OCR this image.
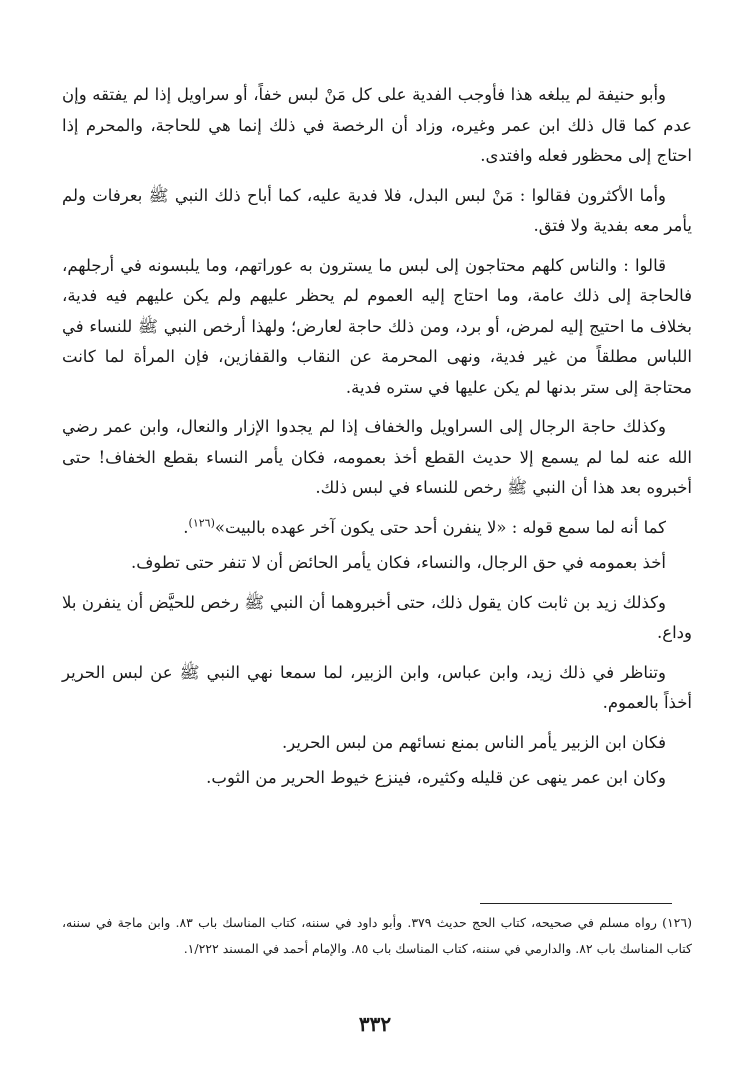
وأبو حنيفة لم يبلغه هذا فأوجب الفدية على كل مَنْ لبس خفاً، أو سراويل إذا لم يفتقه وإن عدم كما قال ذلك ابن عمر وغيره، وزاد أن الرخصة في ذلك إنما هي للحاجة، والمحرم إذا احتاج إلى محظور فعله وافتدى.

وأما الأكثرون فقالوا : مَنْ لبس البدل، فلا فدية عليه، كما أباح ذلك النبي ﷺ بعرفات ولم يأمر معه بفدية ولا فتق.

قالوا : والناس كلهم محتاجون إلى لبس ما يسترون به عوراتهم، وما يلبسونه في أرجلهم، فالحاجة إلى ذلك عامة، وما احتاج إليه العموم لم يحظر عليهم ولم يكن عليهم فيه فدية، بخلاف ما احتيج إليه لمرض، أو برد، ومن ذلك حاجة لعارض؛ ولهذا أرخص النبي ﷺ للنساء في اللباس مطلقاً من غير فدية، ونهى المحرمة عن النقاب والقفازين، فإن المرأة لما كانت محتاجة إلى ستر بدنها لم يكن عليها في ستره فدية.

وكذلك حاجة الرجال إلى السراويل والخفاف إذا لم يجدوا الإزار والنعال، وابن عمر رضي الله عنه لما لم يسمع إلا حديث القطع أخذ بعمومه، فكان يأمر النساء بقطع الخفاف! حتى أخبروه بعد هذا أن النبي ﷺ رخص للنساء في لبس ذلك.

كما أنه لما سمع قوله : «لا ينفرن أحد حتى يكون آخر عهده بالبيت»$^{(١٢٦)}$.

أخذ بعمومه في حق الرجال، والنساء، فكان يأمر الحائض أن لا تنفر حتى تطوف.

وكذلك زيد بن ثابت كان يقول ذلك، حتى أخبروهما أن النبي ﷺ رخص للحيَّض أن ينفرن بلا وداع.

وتناظر في ذلك زيد، وابن عباس، وابن الزبير، لما سمعا نهي النبي ﷺ عن لبس الحرير أخذاً بالعموم.

فكان ابن الزبير يأمر الناس بمنع نسائهم من لبس الحرير.

وكان ابن عمر ينهى عن قليله وكثيره، فينزع خيوط الحرير من الثوب.

(١٢٦) رواه مسلم في صحيحه، كتاب الحج حديث ٣٧٩. وأبو داود في سننه، كتاب المناسك باب ٨٣. وابن ماجة في سننه، كتاب المناسك باب ٨٢. والدارمي في سننه، كتاب المناسك باب ٨٥. والإمام أحمد في المسند ١/٢٢٢.
٣٣٢
